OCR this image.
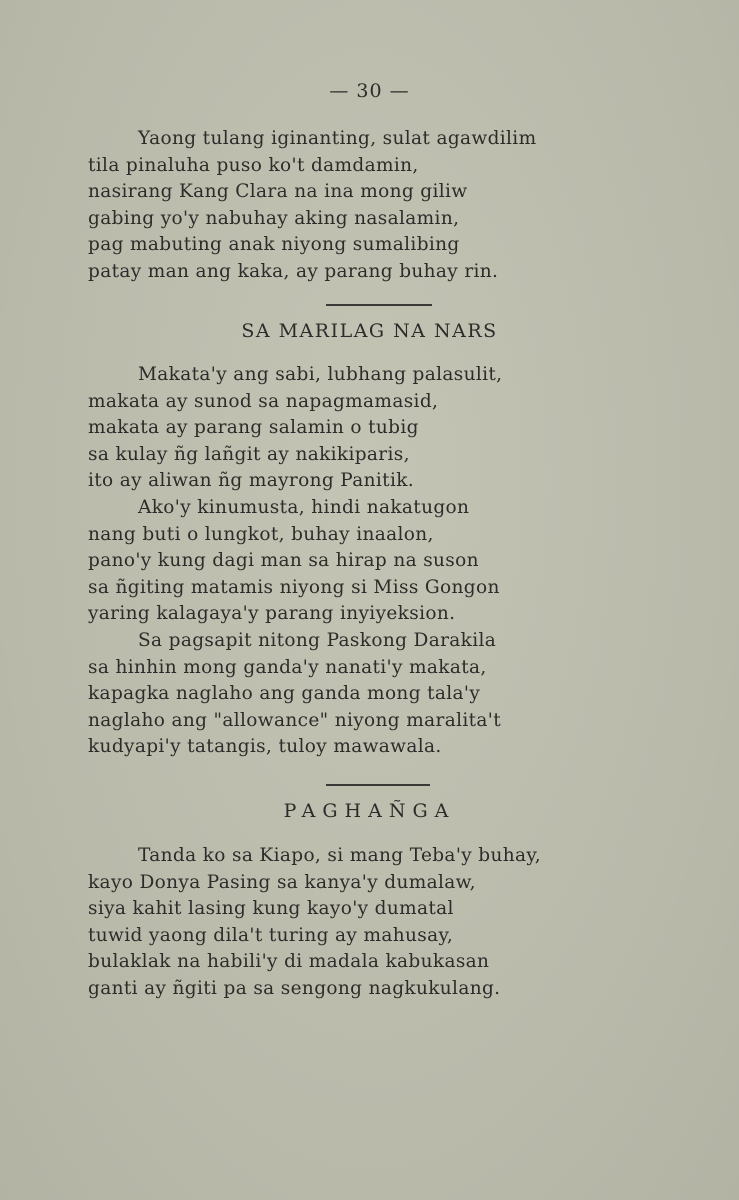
— 30 —
Yaong tulang iginanting, sulat agawdilim
tila pinaluha puso ko't damdamin,
nasirang Kang Clara na ina mong giliw
gabing yo'y nabuhay aking nasalamin,
pag mabuting anak niyong sumalibing
patay man ang kaka, ay parang buhay rin.
SA MARILAG NA NARS
Makata'y ang sabi, lubhang palasulit,
makata ay sunod sa napagmamasid,
makata ay parang salamin o tubig
sa kulay ñg lañgit ay nakikiparis,
ito ay aliwan ñg mayrong Panitik.
Ako'y kinumusta, hindi nakatugon
nang buti o lungkot, buhay inaalon,
pano'y kung dagi man sa hirap na suson
sa ñgiting matamis niyong si Miss Gongon
yaring kalagaya'y parang inyiyeksion.
Sa pagsapit nitong Paskong Darakila
sa hinhin mong ganda'y nanati'y makata,
kapagka naglaho ang ganda mong tala'y
naglaho ang "allowance" niyong maralita't
kudyapi'y tatangis, tuloy mawawala.
PAGHAÑGA
Tanda ko sa Kiapo, si mang Teba'y buhay,
kayo Donya Pasing sa kanya'y dumalaw,
siya kahit lasing kung kayo'y dumatal
tuwid yaong dila't turing ay mahusay,
bulaklak na habili'y di madala kabukasan
ganti ay ñgiti pa sa sengong nagkukulang.
